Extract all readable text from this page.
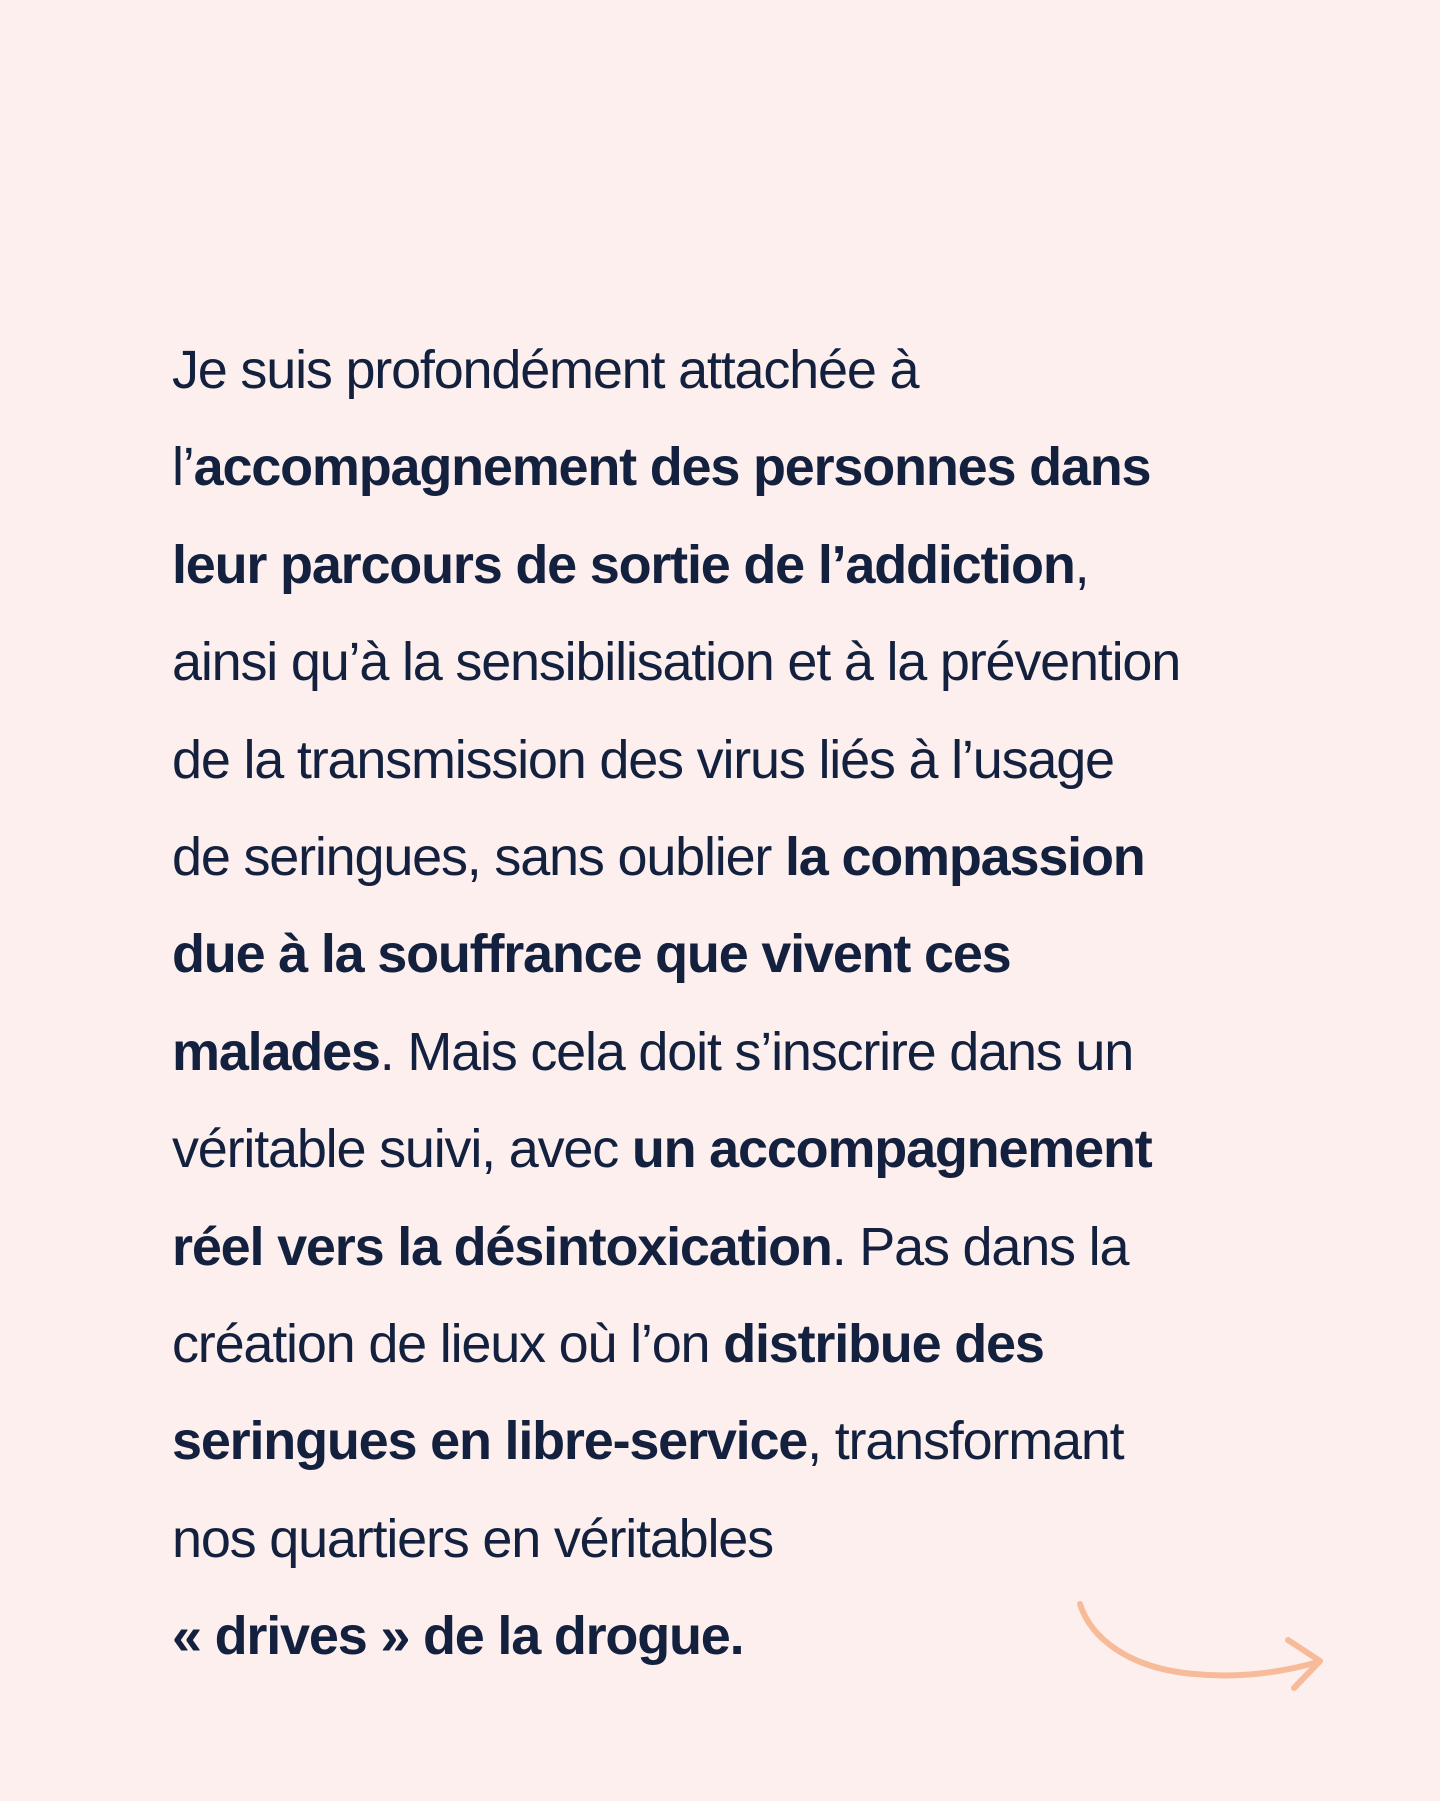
Je suis profondément attachée à
l’accompagnement des personnes dans
leur parcours de sortie de l’addiction,
ainsi qu’à la sensibilisation et à la prévention
de la transmission des virus liés à l’usage
de seringues, sans oublier la compassion
due à la souffrance que vivent ces
malades. Mais cela doit s’inscrire dans un
véritable suivi, avec un accompagnement
réel vers la désintoxication. Pas dans la
création de lieux où l’on distribue des
seringues en libre-service, transformant
nos quartiers en véritables
« drives » de la drogue.
